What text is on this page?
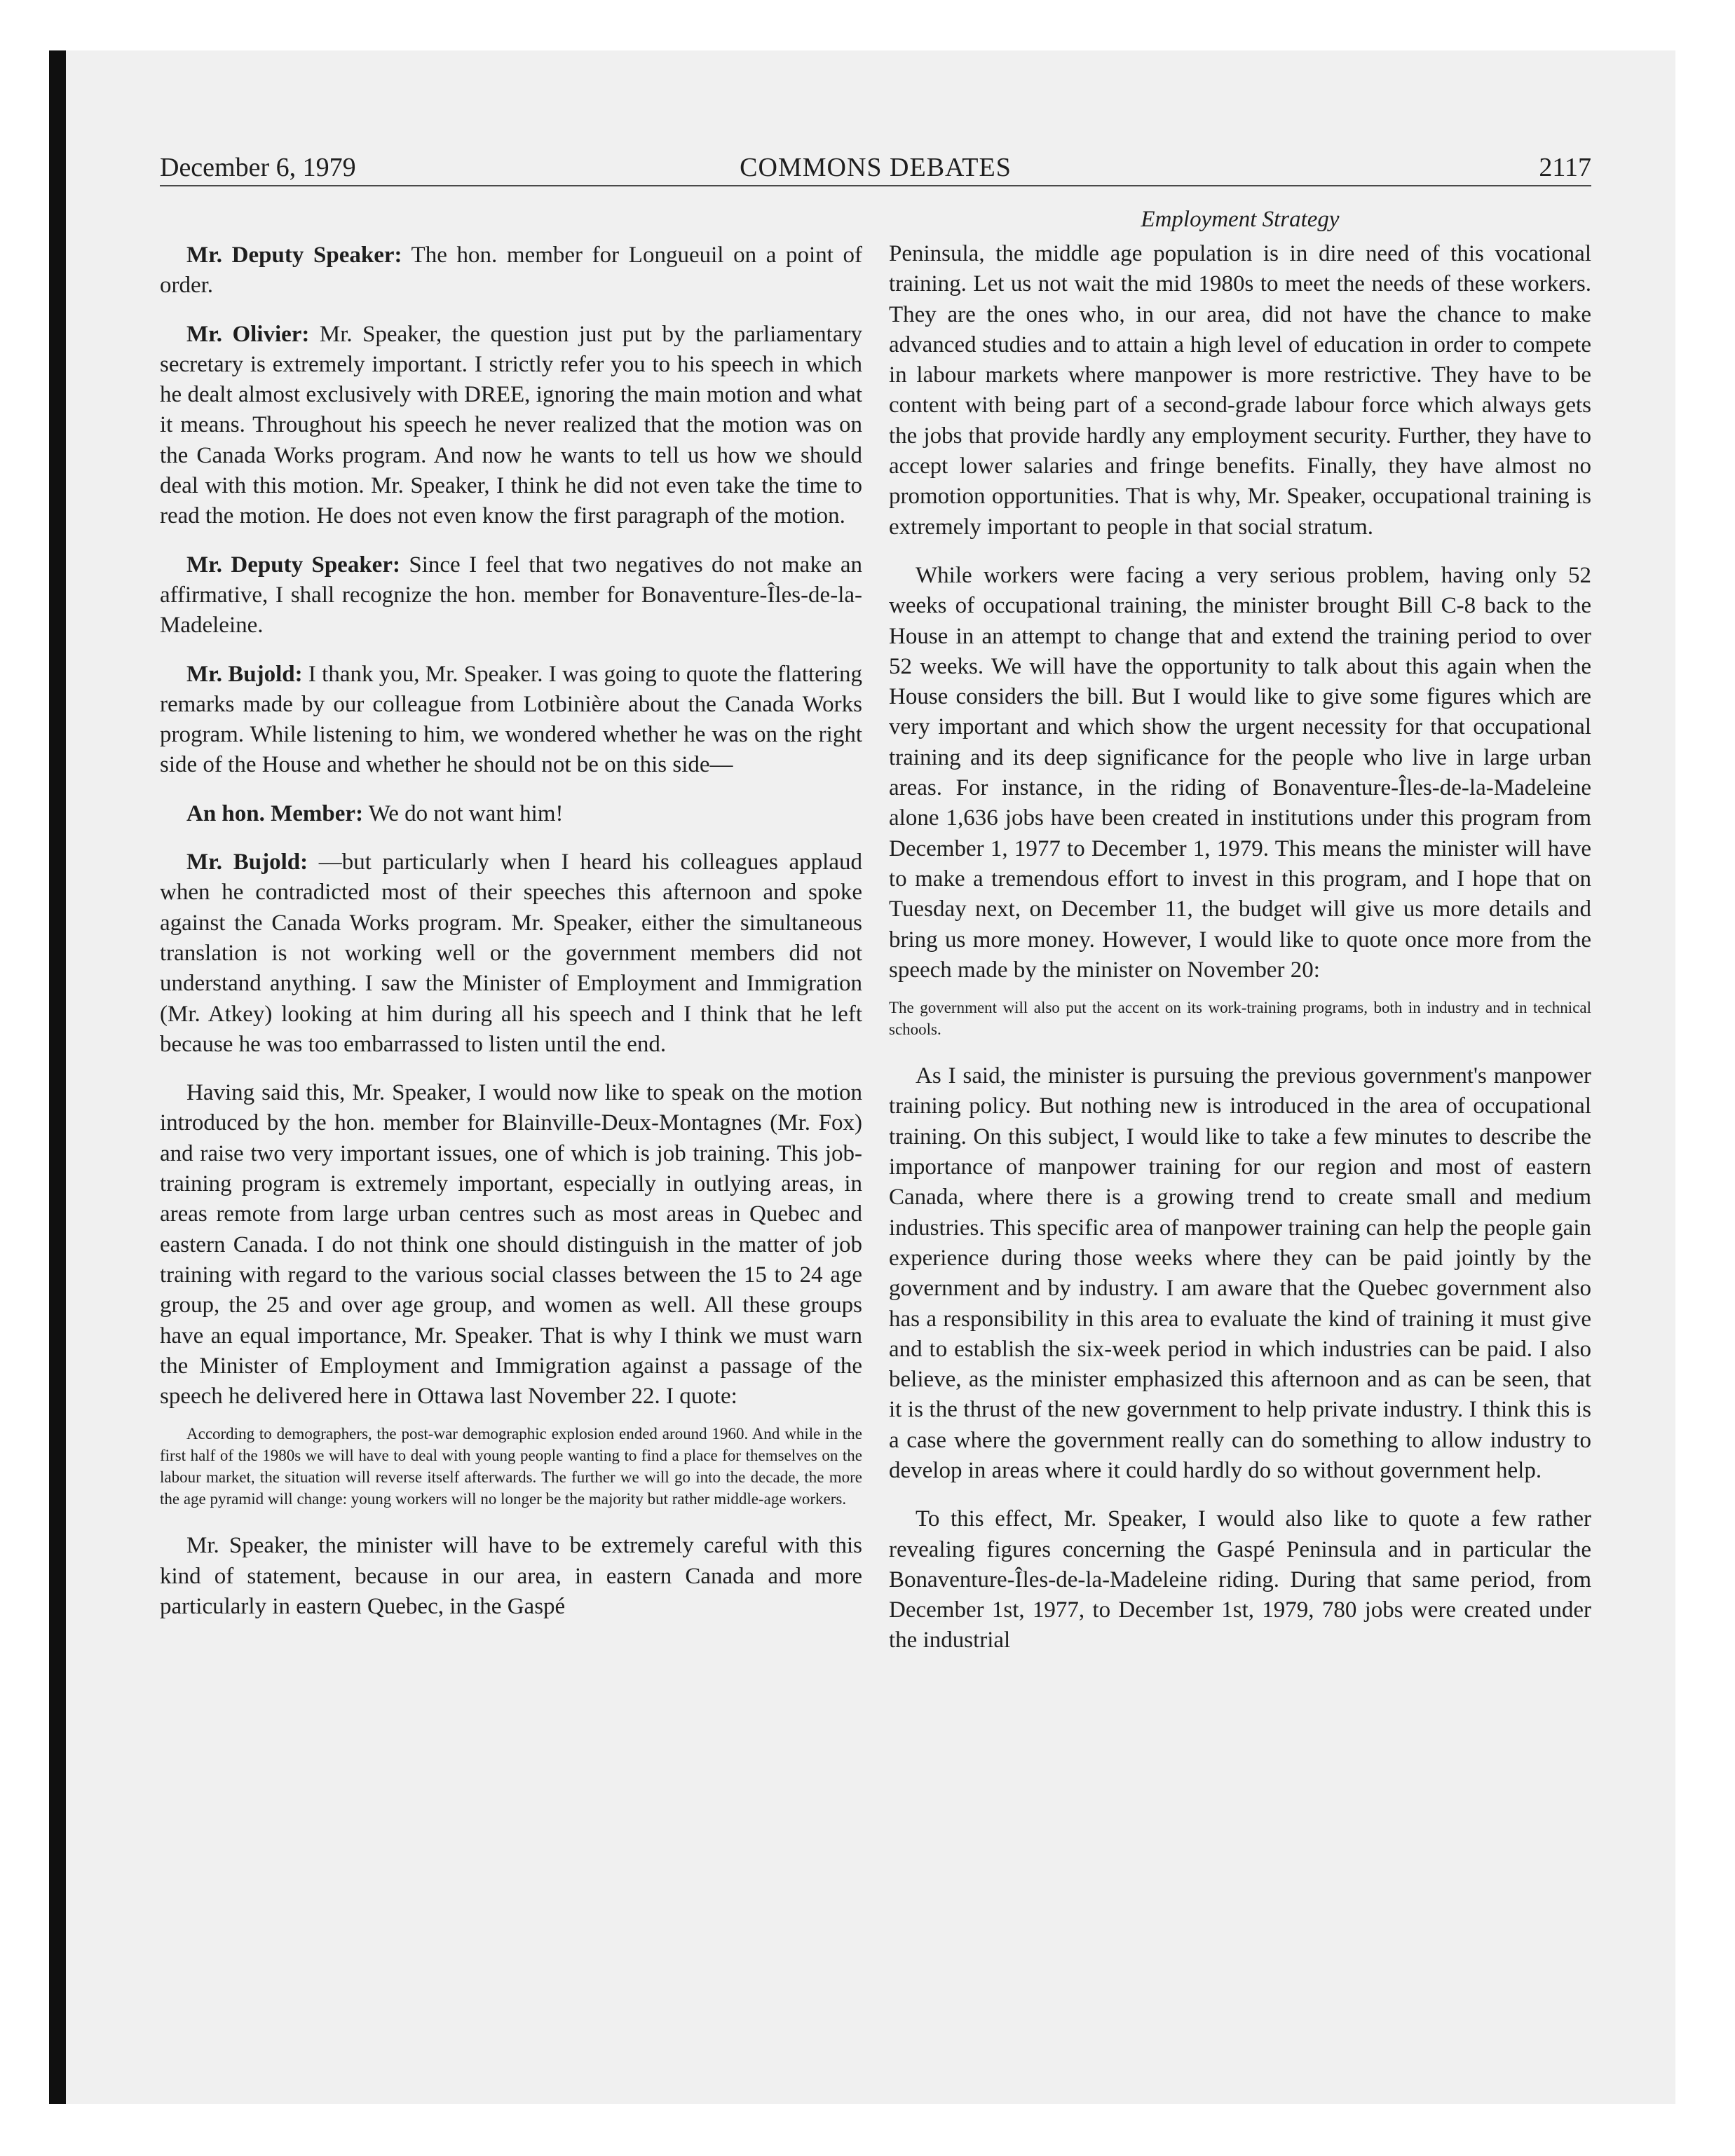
December 6, 1979	COMMONS DEBATES	2117
Employment Strategy

Mr. Deputy Speaker: The hon. member for Longueuil on a point of order.

Mr. Olivier: Mr. Speaker, the question just put by the parliamentary secretary is extremely important. I strictly refer you to his speech in which he dealt almost exclusively with DREE, ignoring the main motion and what it means. Throughout his speech he never realized that the motion was on the Canada Works program. And now he wants to tell us how we should deal with this motion. Mr. Speaker, I think he did not even take the time to read the motion. He does not even know the first paragraph of the motion.

Mr. Deputy Speaker: Since I feel that two negatives do not make an affirmative, I shall recognize the hon. member for Bonaventure-Îles-de-la-Madeleine.

Mr. Bujold: I thank you, Mr. Speaker. I was going to quote the flattering remarks made by our colleague from Lotbinière about the Canada Works program. While listening to him, we wondered whether he was on the right side of the House and whether he should not be on this side—

An hon. Member: We do not want him!

Mr. Bujold: —but particularly when I heard his colleagues applaud when he contradicted most of their speeches this afternoon and spoke against the Canada Works program. Mr. Speaker, either the simultaneous translation is not working well or the government members did not understand anything. I saw the Minister of Employment and Immigration (Mr. Atkey) looking at him during all his speech and I think that he left because he was too embarrassed to listen until the end.

Having said this, Mr. Speaker, I would now like to speak on the motion introduced by the hon. member for Blainville-Deux-Montagnes (Mr. Fox) and raise two very important issues, one of which is job training. This job-training program is extremely important, especially in outlying areas, in areas remote from large urban centres such as most areas in Quebec and eastern Canada. I do not think one should distinguish in the matter of job training with regard to the various social classes between the 15 to 24 age group, the 25 and over age group, and women as well. All these groups have an equal importance, Mr. Speaker. That is why I think we must warn the Minister of Employment and Immigration against a passage of the speech he delivered here in Ottawa last November 22. I quote:

According to demographers, the post-war demographic explosion ended around 1960. And while in the first half of the 1980s we will have to deal with young people wanting to find a place for themselves on the labour market, the situation will reverse itself afterwards. The further we will go into the decade, the more the age pyramid will change: young workers will no longer be the majority but rather middle-age workers.

Mr. Speaker, the minister will have to be extremely careful with this kind of statement, because in our area, in eastern Canada and more particularly in eastern Quebec, in the Gaspé

Peninsula, the middle age population is in dire need of this vocational training. Let us not wait the mid 1980s to meet the needs of these workers. They are the ones who, in our area, did not have the chance to make advanced studies and to attain a high level of education in order to compete in labour markets where manpower is more restrictive. They have to be content with being part of a second-grade labour force which always gets the jobs that provide hardly any employment security. Further, they have to accept lower salaries and fringe benefits. Finally, they have almost no promotion opportunities. That is why, Mr. Speaker, occupational training is extremely important to people in that social stratum.

While workers were facing a very serious problem, having only 52 weeks of occupational training, the minister brought Bill C-8 back to the House in an attempt to change that and extend the training period to over 52 weeks. We will have the opportunity to talk about this again when the House considers the bill. But I would like to give some figures which are very important and which show the urgent necessity for that occupational training and its deep significance for the people who live in large urban areas. For instance, in the riding of Bonaventure-Îles-de-la-Madeleine alone 1,636 jobs have been created in institutions under this program from December 1, 1977 to December 1, 1979. This means the minister will have to make a tremendous effort to invest in this program, and I hope that on Tuesday next, on December 11, the budget will give us more details and bring us more money. However, I would like to quote once more from the speech made by the minister on November 20:

The government will also put the accent on its work-training programs, both in industry and in technical schools.

As I said, the minister is pursuing the previous government's manpower training policy. But nothing new is introduced in the area of occupational training. On this subject, I would like to take a few minutes to describe the importance of manpower training for our region and most of eastern Canada, where there is a growing trend to create small and medium industries. This specific area of manpower training can help the people gain experience during those weeks where they can be paid jointly by the government and by industry. I am aware that the Quebec government also has a responsibility in this area to evaluate the kind of training it must give and to establish the six-week period in which industries can be paid. I also believe, as the minister emphasized this afternoon and as can be seen, that it is the thrust of the new government to help private industry. I think this is a case where the government really can do something to allow industry to develop in areas where it could hardly do so without government help.

To this effect, Mr. Speaker, I would also like to quote a few rather revealing figures concerning the Gaspé Peninsula and in particular the Bonaventure-Îles-de-la-Madeleine riding. During that same period, from December 1st, 1977, to December 1st, 1979, 780 jobs were created under the industrial
